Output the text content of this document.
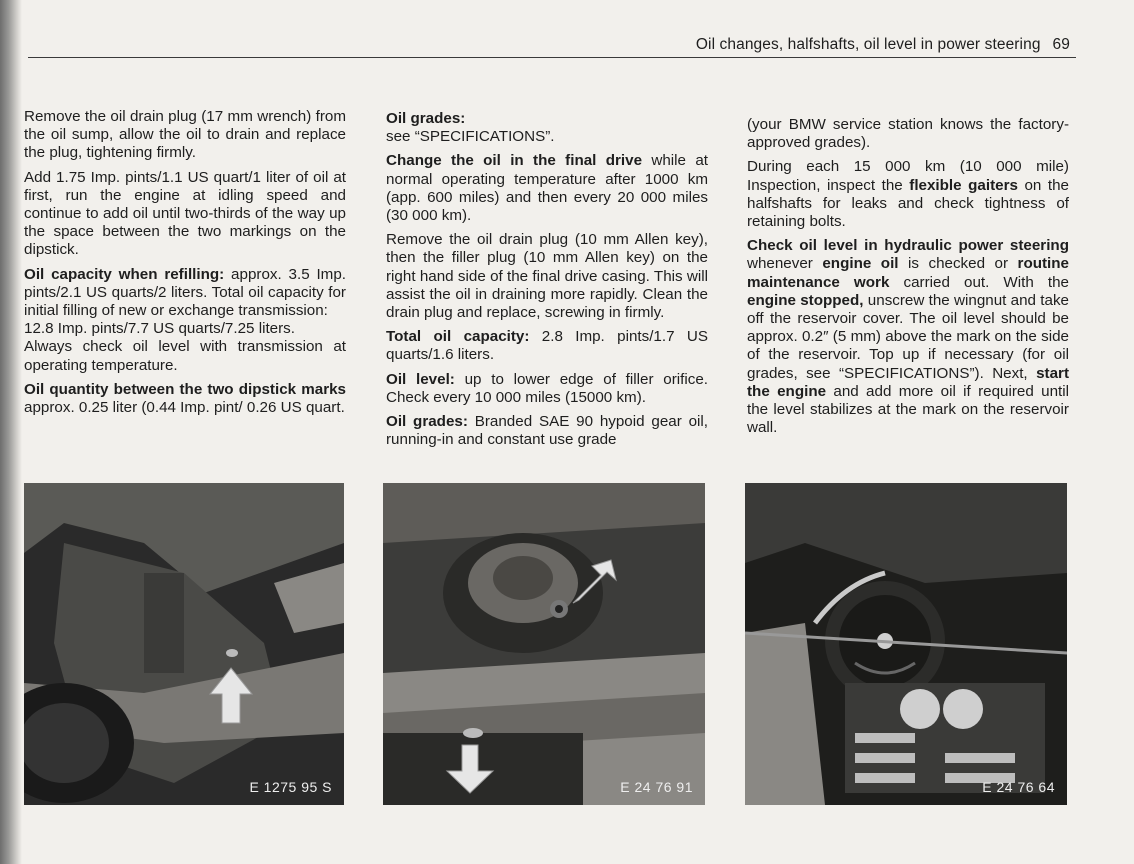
Oil changes, halfshafts, oil level in power steering 69

Remove the oil drain plug (17 mm wrench) from the oil sump, allow the oil to drain and replace the plug, tightening firmly.

Add 1.75 Imp. pints/1.1 US quart/1 liter of oil at first, run the engine at idling speed and continue to add oil until two-thirds of the way up the space between the two markings on the dipstick.

Oil capacity when refilling: approx. 3.5 Imp. pints/2.1 US quarts/2 liters. Total oil capacity for initial filling of new or exchange transmission:

12.8 Imp. pints/7.7 US quarts/7.25 liters.

Always check oil level with transmission at operating temperature.

Oil quantity between the two dipstick marks approx. 0.25 liter (0.44 Imp. pint/ 0.26 US quart.

Oil grades:
see “SPECIFICATIONS”.

Change the oil in the final drive while at normal operating temperature after 1000 km (app. 600 miles) and then every 20 000 miles (30 000 km).

Remove the oil drain plug (10 mm Allen key), then the filler plug (10 mm Allen key) on the right hand side of the final drive casing. This will assist the oil in draining more rapidly. Clean the drain plug and replace, screwing in firmly.

Total oil capacity: 2.8 Imp. pints/1.7 US quarts/1.6 liters.

Oil level: up to lower edge of filler orifice. Check every 10 000 miles (15000 km).

Oil grades: Branded SAE 90 hypoid gear oil, running-in and constant use grade

(your BMW service station knows the factory-approved grades).

During each 15 000 km (10 000 mile) Inspection, inspect the flexible gaiters on the halfshafts for leaks and check tightness of retaining bolts.

Check oil level in hydraulic power steering whenever engine oil is checked or routine maintenance work carried out. With the engine stopped, unscrew the wingnut and take off the reservoir cover. The oil level should be approx. 0.2″ (5 mm) above the mark on the side of the reservoir. Top up if necessary (for oil grades, see “SPECIFICATIONS”). Next, start the engine and add more oil if required until the level stabilizes at the mark on the reservoir wall.

E 1275 95 S	E 24 76 91	E 24 76 64
